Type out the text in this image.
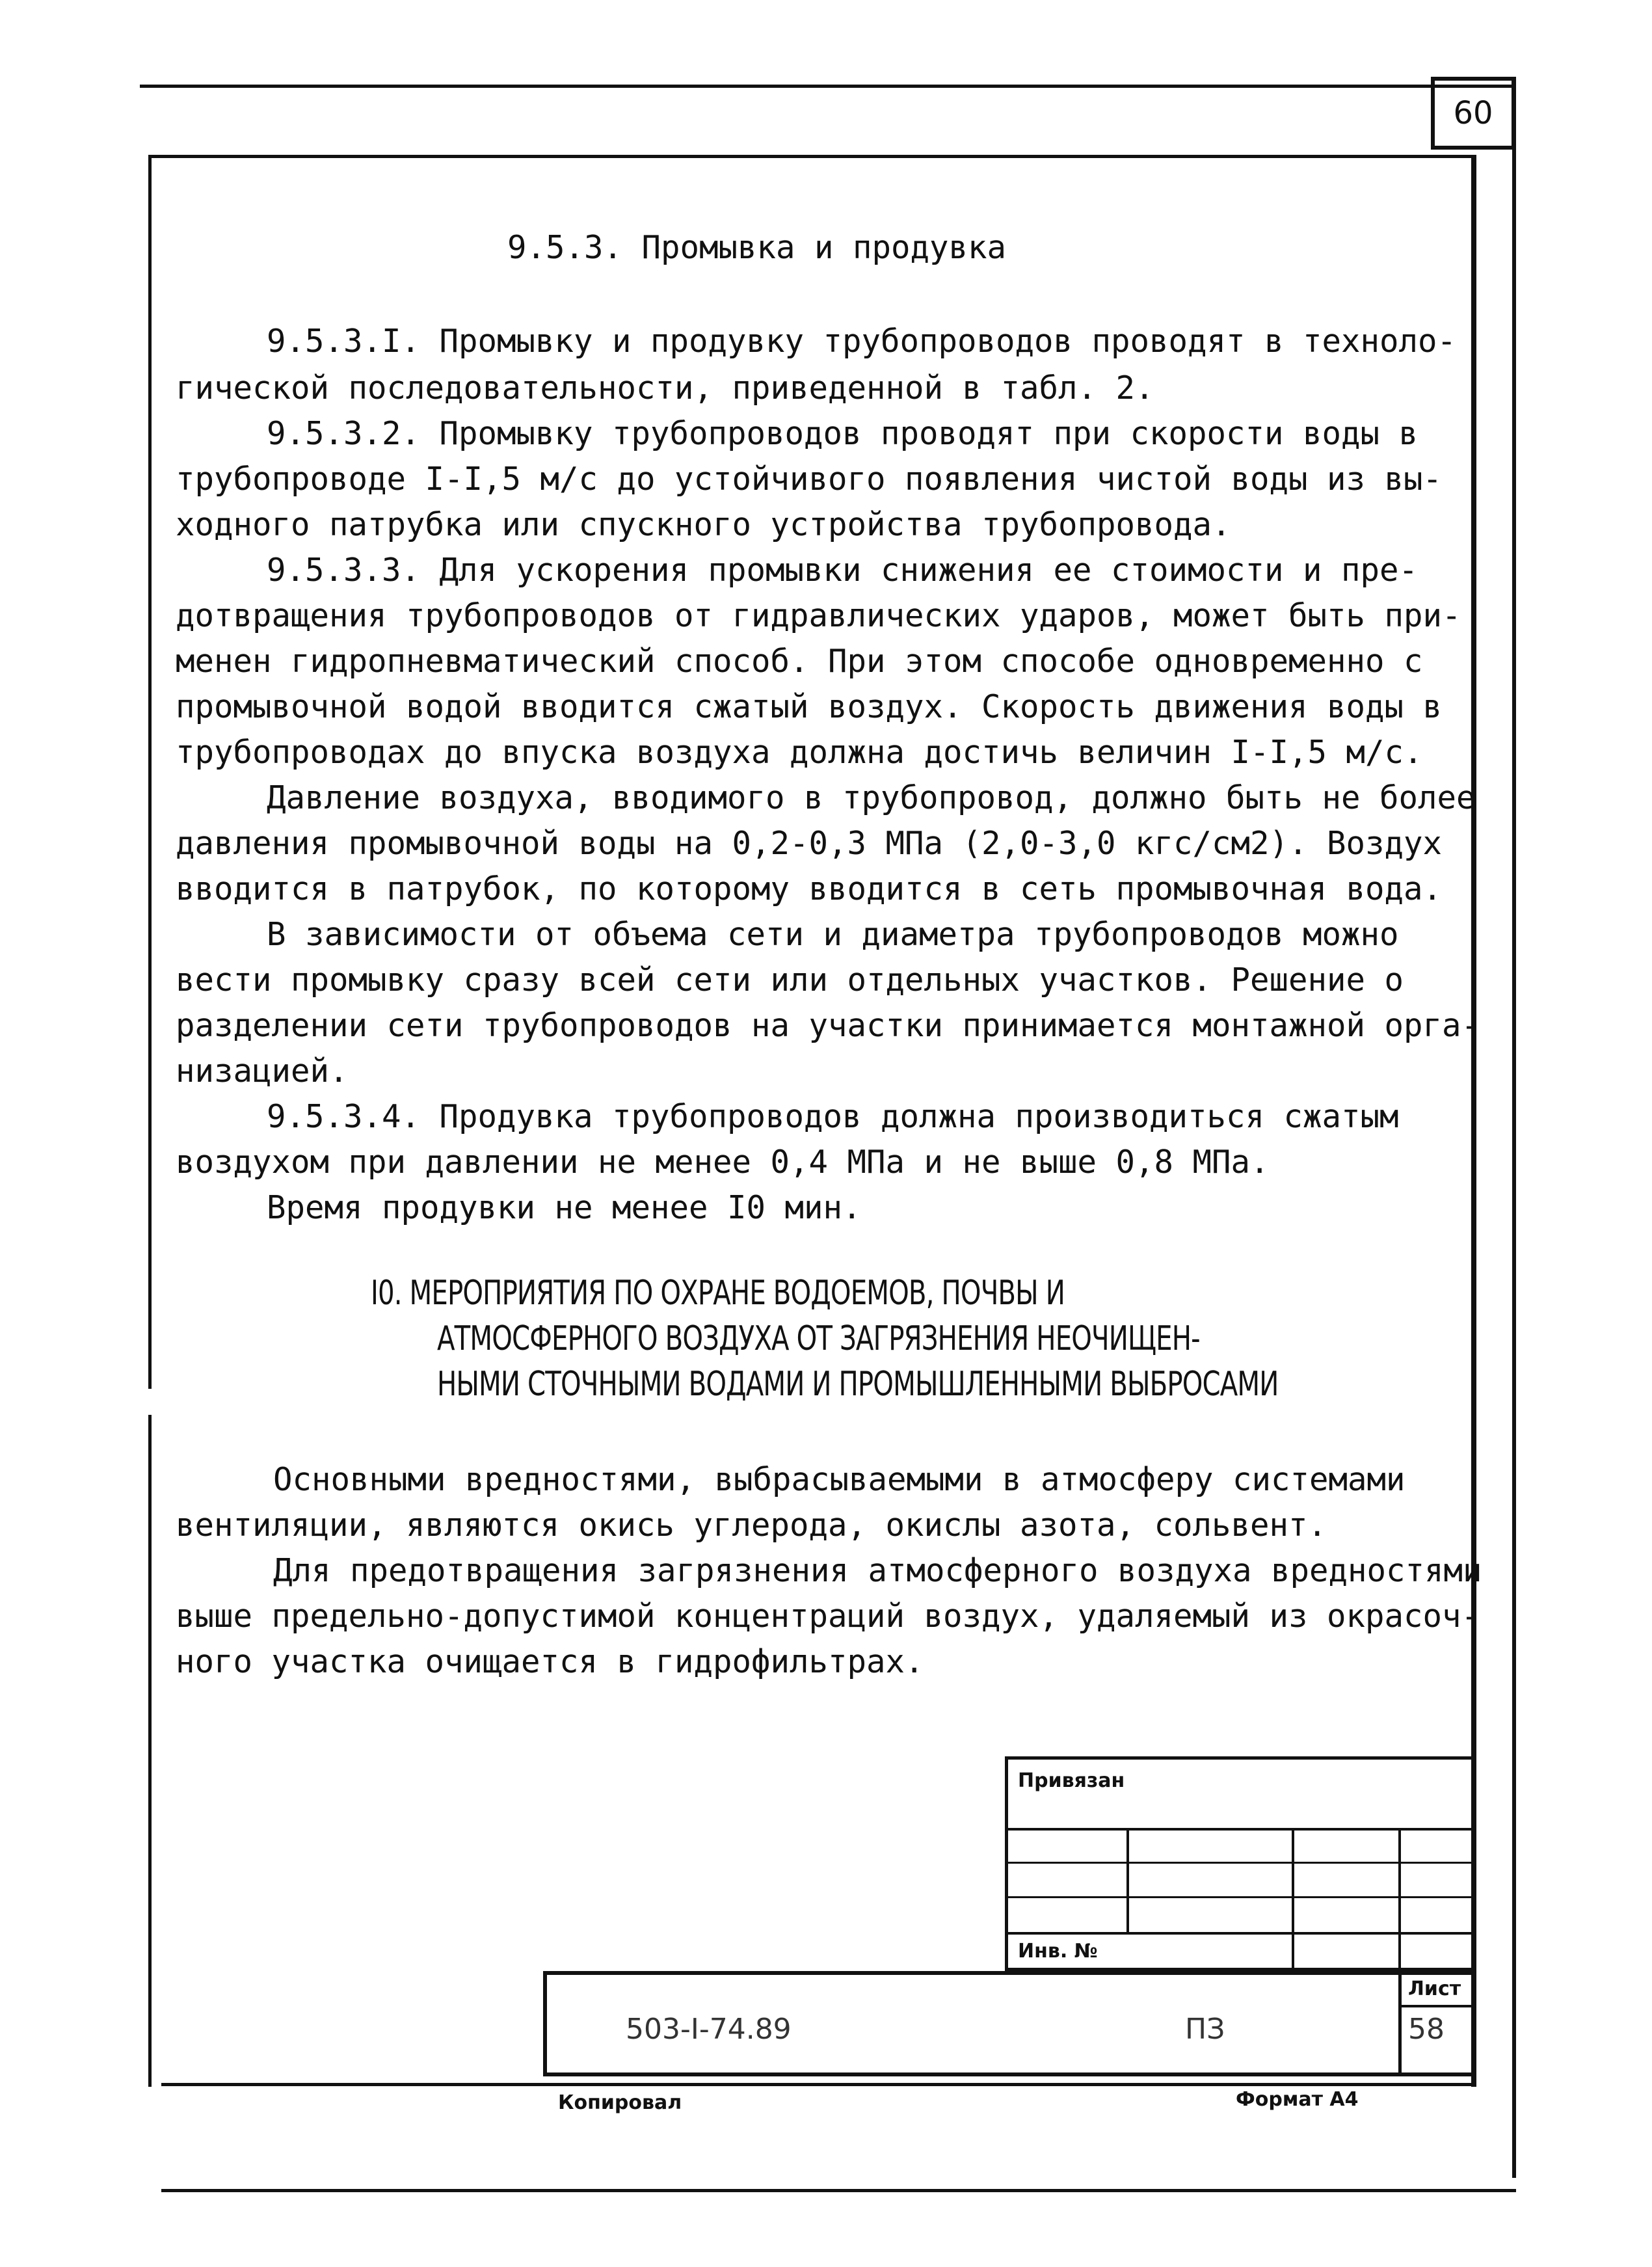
60
9.5.3. Промывка и продувка
9.5.3.I. Промывку и продувку трубопроводов проводят в техноло-
гической последовательности, приведенной в табл. 2.
9.5.3.2. Промывку трубопроводов проводят при скорости воды в
трубопроводе I-I,5 м/с до устойчивого появления чистой воды из вы-
ходного патрубка или спускного устройства трубопровода.
9.5.3.3. Для ускорения промывки снижения ее стоимости и пре-
дотвращения трубопроводов от гидравлических ударов, может быть при-
менен гидропневматический способ. При этом способе одновременно с
промывочной водой вводится сжатый воздух. Скорость движения воды в
трубопроводах до впуска воздуха должна достичь величин I-I,5 м/с.
Давление воздуха, вводимого в трубопровод, должно быть не более
давления промывочной воды на 0,2-0,3 МПа (2,0-3,0 кгс/см2). Воздух
вводится в патрубок, по которому вводится в сеть промывочная вода.
В зависимости от объема сети и диаметра трубопроводов можно
вести промывку сразу всей сети или отдельных участков. Решение о
разделении сети трубопроводов на участки принимается монтажной орга-
низацией.
9.5.3.4. Продувка трубопроводов должна производиться сжатым
воздухом при давлении не менее 0,4 МПа и не выше 0,8 МПа.
Время продувки не менее I0 мин.
I0. МЕРОПРИЯТИЯ ПО ОХРАНЕ ВОДОЕМОВ, ПОЧВЫ И
АТМОСФЕРНОГО ВОЗДУХА ОТ ЗАГРЯЗНЕНИЯ НЕОЧИЩЕН-
НЫМИ СТОЧНЫМИ ВОДАМИ И ПРОМЫШЛЕННЫМИ ВЫБРОСАМИ
Основными вредностями, выбрасываемыми в атмосферу системами
вентиляции, являются окись углерода, окислы азота, сольвент.
Для предотвращения загрязнения атмосферного воздуха вредностями
выше предельно-допустимой концентраций воздух, удаляемый из окрасоч-
ного участка очищается в гидрофильтрах.
Привязан
Инв. №
Лист
503-I-74.89	ПЗ	58
Копировал	Формат А4
